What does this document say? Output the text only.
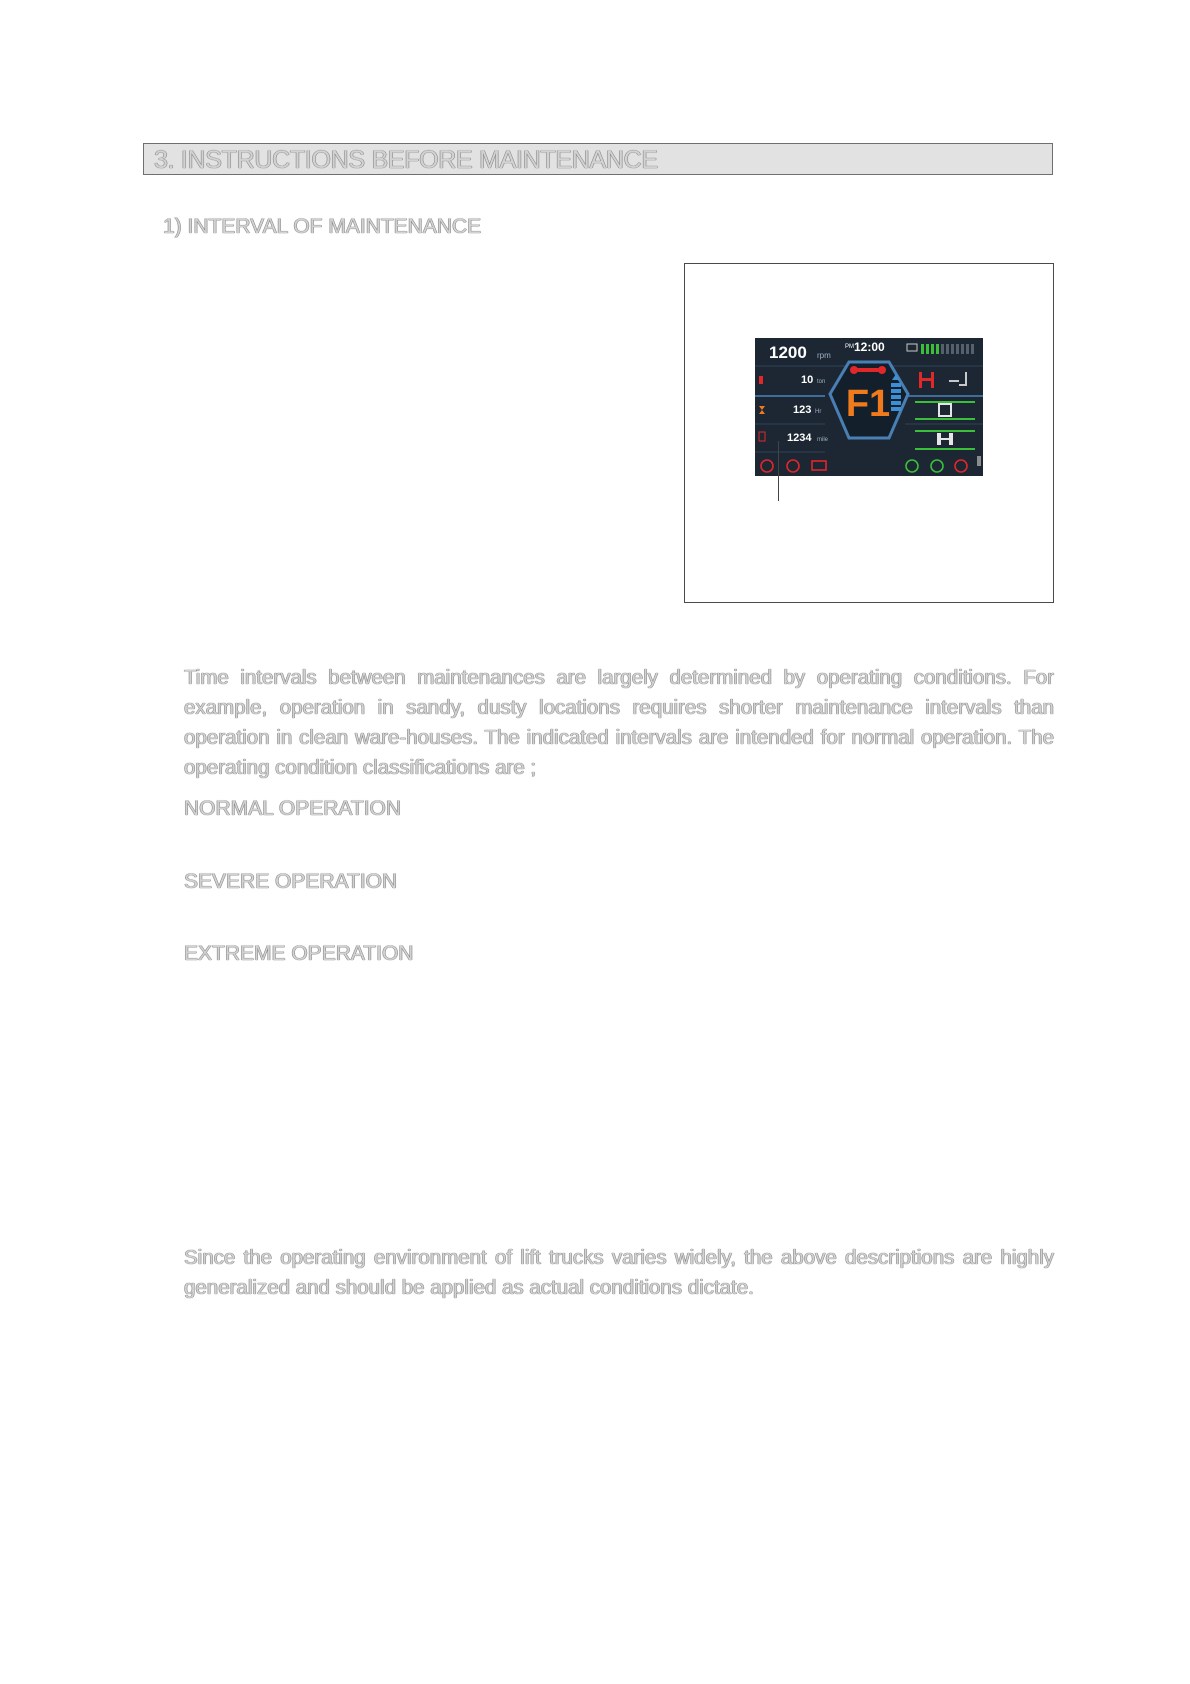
3. INSTRUCTIONS BEFORE MAINTENANCE
1) INTERVAL OF MAINTENANCE
F1
1200 rpm
PM 12:00
10 ton
123 Hr
1234 mile
Time intervals between maintenances are largely determined by operating conditions. For example, operation in sandy, dusty locations requires shorter maintenance intervals than operation in clean ware-houses. The indicated intervals are intended for normal operation. The operating condition classifications are ;
NORMAL OPERATION
SEVERE OPERATION
EXTREME OPERATION
Since the operating environment of lift trucks varies widely, the above descriptions are highly generalized and should be applied as actual conditions dictate.
